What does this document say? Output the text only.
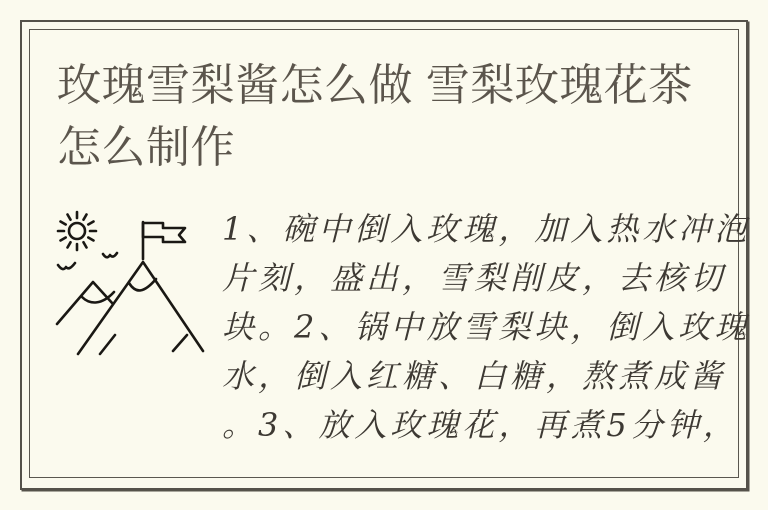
玫瑰雪梨酱怎么做 雪梨玫瑰花茶
怎么制作
1、碗中倒入玫瑰，加入热水冲泡
片刻，盛出，雪梨削皮，去核切
块。2、锅中放雪梨块，倒入玫瑰
水，倒入红糖、白糖，熬煮成酱
。3、放入玫瑰花，再煮5分钟，
